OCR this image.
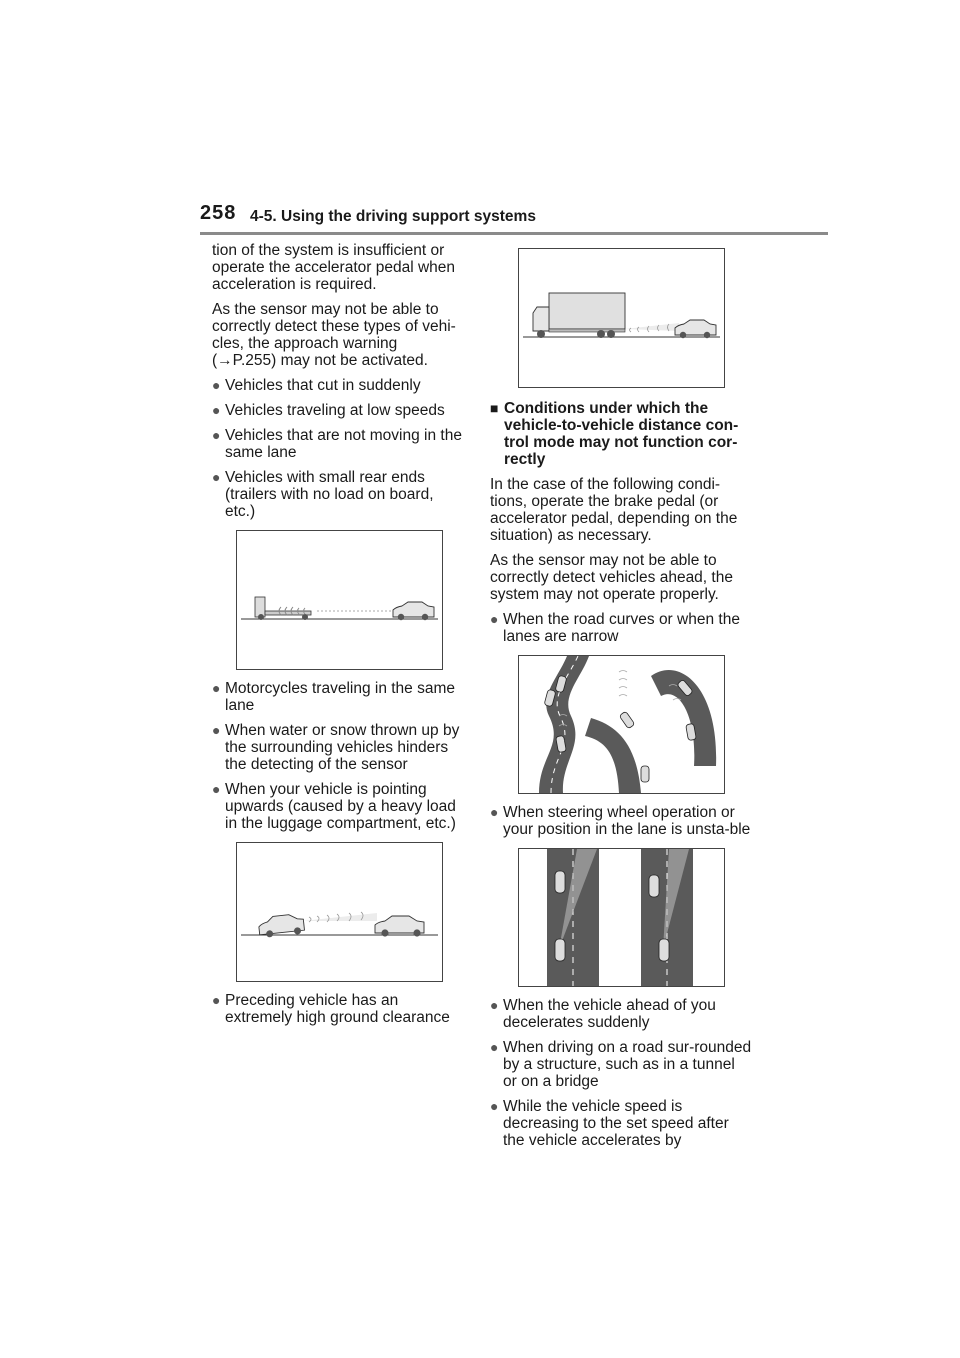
258 4-5. Using the driving support systems

tion of the system is insufficient or operate the accelerator pedal when acceleration is required.

As the sensor may not be able to correctly detect these types of vehi-cles, the approach warning (→P.255) may not be activated.

● Vehicles that cut in suddenly
● Vehicles traveling at low speeds
● Vehicles that are not moving in the same lane
● Vehicles with small rear ends (trailers with no load on board, etc.)
● Motorcycles traveling in the same lane
● When water or snow thrown up by the surrounding vehicles hinders the detecting of the sensor
● When your vehicle is pointing upwards (caused by a heavy load in the luggage compartment, etc.)
● Preceding vehicle has an extremely high ground clearance
■ Conditions under which the vehicle-to-vehicle distance con-trol mode may not function cor-rectly

In the case of the following condi-tions, operate the brake pedal (or accelerator pedal, depending on the situation) as necessary.

As the sensor may not be able to correctly detect vehicles ahead, the system may not operate properly.

● When the road curves or when the lanes are narrow
● When steering wheel operation or your position in the lane is unsta-ble
● When the vehicle ahead of you decelerates suddenly
● When driving on a road sur-rounded by a structure, such as in a tunnel or on a bridge
● While the vehicle speed is decreasing to the set speed after the vehicle accelerates by
